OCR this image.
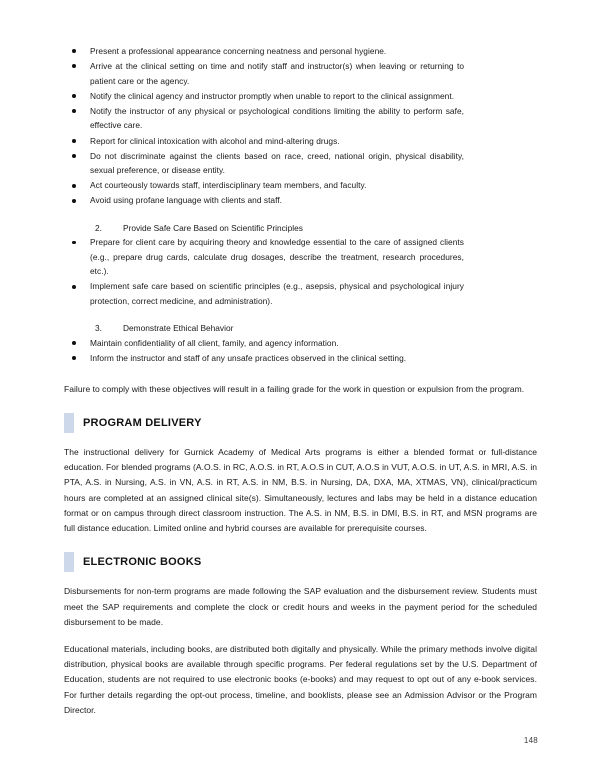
Present a professional appearance concerning neatness and personal hygiene.
Arrive at the clinical setting on time and notify staff and instructor(s) when leaving or returning to patient care or the agency.
Notify the clinical agency and instructor promptly when unable to report to the clinical assignment.
Notify the instructor of any physical or psychological conditions limiting the ability to perform safe, effective care.
Report for clinical intoxication with alcohol and mind-altering drugs.
Do not discriminate against the clients based on race, creed, national origin, physical disability, sexual preference, or disease entity.
Act courteously towards staff, interdisciplinary team members, and faculty.
Avoid using profane language with clients and staff.
2.	Provide Safe Care Based on Scientific Principles
Prepare for client care by acquiring theory and knowledge essential to the care of assigned clients (e.g., prepare drug cards, calculate drug dosages, describe the treatment, research procedures, etc.).
Implement safe care based on scientific principles (e.g., asepsis, physical and psychological injury protection, correct medicine, and administration).
3.	Demonstrate Ethical Behavior
Maintain confidentiality of all client, family, and agency information.
Inform the instructor and staff of any unsafe practices observed in the clinical setting.

Failure to comply with these objectives will result in a failing grade for the work in question or expulsion from the program.

PROGRAM DELIVERY

The instructional delivery for Gurnick Academy of Medical Arts programs is either a blended format or full-distance education. For blended programs (A.O.S. in RC, A.O.S. in RT, A.O.S in CUT, A.O.S in VUT, A.O.S. in UT, A.S. in MRI, A.S. in PTA, A.S. in Nursing, A.S. in VN, A.S. in RT, A.S. in NM, B.S. in Nursing, DA, DXA, MA, XTMAS, VN), clinical/practicum hours are completed at an assigned clinical site(s). Simultaneously, lectures and labs may be held in a distance education format or on campus through direct classroom instruction. The A.S. in NM, B.S. in DMI, B.S. in RT, and MSN programs are full distance education. Limited online and hybrid courses are available for prerequisite courses.

ELECTRONIC BOOKS

Disbursements for non-term programs are made following the SAP evaluation and the disbursement review. Students must meet the SAP requirements and complete the clock or credit hours and weeks in the payment period for the scheduled disbursement to be made.

Educational materials, including books, are distributed both digitally and physically. While the primary methods involve digital distribution, physical books are available through specific programs. Per federal regulations set by the U.S. Department of Education, students are not required to use electronic books (e-books) and may request to opt out of any e-book services. For further details regarding the opt-out process, timeline, and booklists, please see an Admission Advisor or the Program Director.

148
